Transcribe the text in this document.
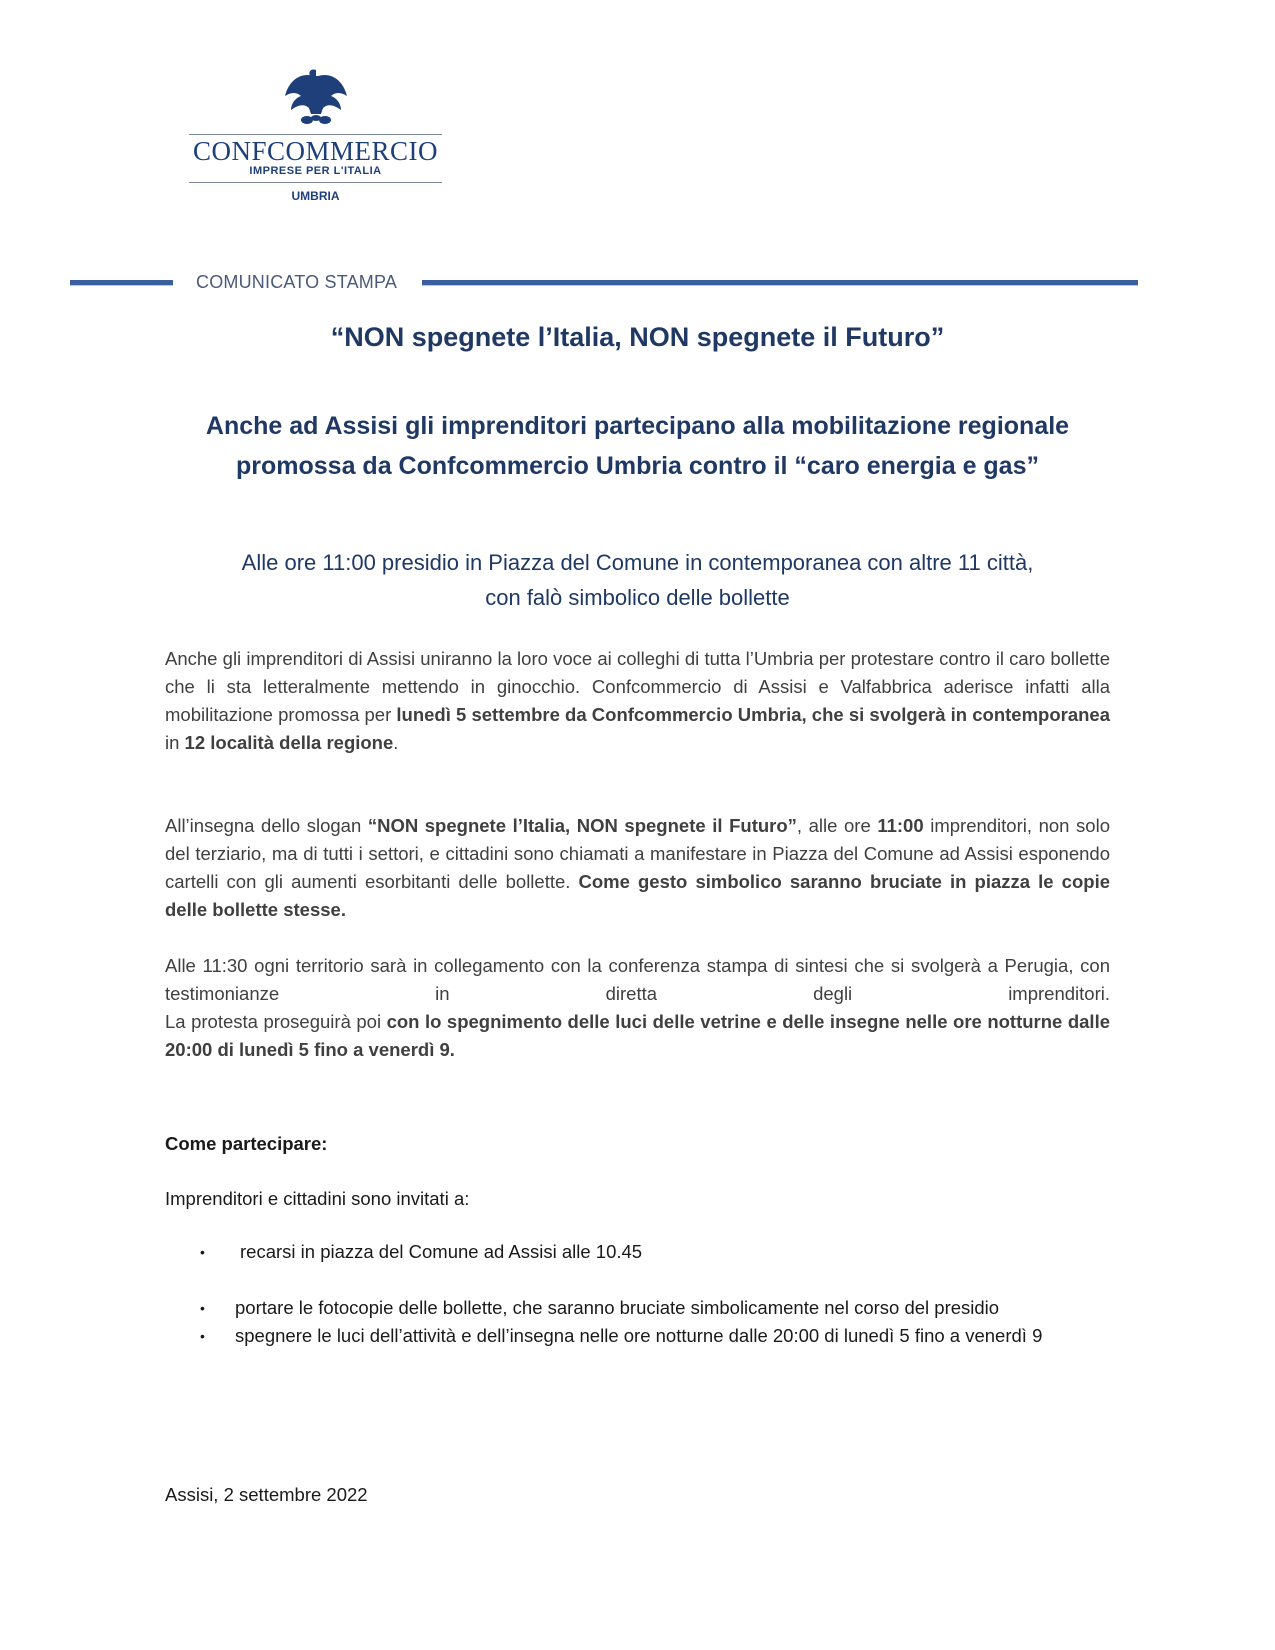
CONFCOMMERCIO
IMPRESE PER L'ITALIA
UMBRIA
COMUNICATO STAMPA
“NON spegnete l’Italia, NON spegnete il Futuro”
Anche ad Assisi gli imprenditori partecipano alla mobilitazione regionale
promossa da Confcommercio Umbria contro il “caro energia e gas”
Alle ore 11:00 presidio in Piazza del Comune in contemporanea con altre 11 città,
con falò simbolico delle bollette
Anche gli imprenditori di Assisi uniranno la loro voce ai colleghi di tutta l’Umbria per protestare contro il caro bollette che li sta letteralmente mettendo in ginocchio. Confcommercio di Assisi e Valfabbrica aderisce infatti alla mobilitazione promossa per lunedì 5 settembre da Confcommercio Umbria, che si svolgerà in contemporanea in 12 località della regione.
All’insegna dello slogan “NON spegnete l’Italia, NON spegnete il Futuro”, alle ore 11:00 imprenditori, non solo del terziario, ma di tutti i settori, e cittadini sono chiamati a manifestare in Piazza del Comune ad Assisi esponendo cartelli con gli aumenti esorbitanti delle bollette. Come gesto simbolico saranno bruciate in piazza le copie delle bollette stesse.
Alle 11:30 ogni territorio sarà in collegamento con la conferenza stampa di sintesi che si svolgerà a Perugia, con testimonianze in diretta degli imprenditori.
La protesta proseguirà poi con lo spegnimento delle luci delle vetrine e delle insegne nelle ore notturne dalle 20:00 di lunedì 5 fino a venerdì 9.
Come partecipare:
Imprenditori e cittadini sono invitati a:
• recarsi in piazza del Comune ad Assisi alle 10.45
• portare le fotocopie delle bollette, che saranno bruciate simbolicamente nel corso del presidio
• spegnere le luci dell’attività e dell’insegna nelle ore notturne dalle 20:00 di lunedì 5 fino a venerdì 9
Assisi, 2 settembre 2022
